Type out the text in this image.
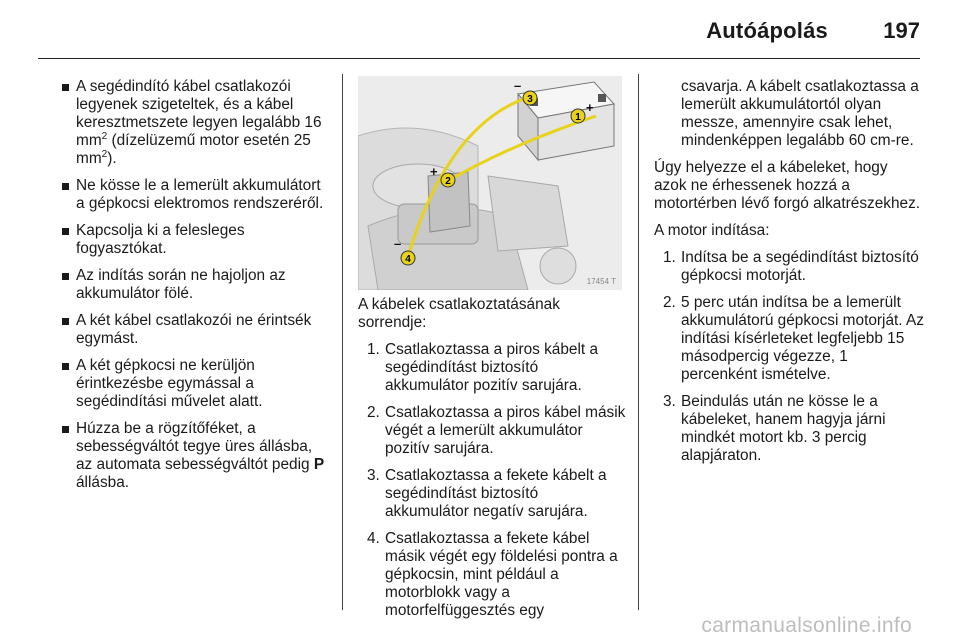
Autóápolás	197
A segédindító kábel csatlakozói legyenek szigeteltek, és a kábel keresztmetszete legyen legalább 16 $mm^2$ (dízelüzemű motor esetén 25 $mm^2$).
Ne kösse le a lemerült akkumulátort a gépkocsi elektromos rendszeréről.
Kapcsolja ki a felesleges fogyasztókat.
Az indítás során ne hajoljon az akkumulátor fölé.
A két kábel csatlakozói ne érintsék egymást.
A két gépkocsi ne kerüljön érintkezésbe egymással a segédindítási művelet alatt.
Húzza be a rögzítőféket, a sebességváltót tegye üres állásba, az automata sebességváltót pedig P állásba.
+
–
+
–
1
2
3
4
17454 T

A kábelek csatlakoztatásának sorrendje:

1. Csatlakoztassa a piros kábelt a segédindítást biztosító akkumulátor pozitív sarujára.
2. Csatlakoztassa a piros kábel másik végét a lemerült akkumulátor pozitív sarujára.
3. Csatlakoztassa a fekete kábelt a segédindítást biztosító akkumulátor negatív sarujára.
4. Csatlakoztassa a fekete kábel másik végét egy földelési pontra a gépkocsin, mint például a motorblokk vagy a motorfelfüggesztés egy

csavarja. A kábelt csatlakoztassa a lemerült akkumulátortól olyan messze, amennyire csak lehet, mindenképpen legalább 60 cm-re.

Úgy helyezze el a kábeleket, hogy azok ne érhessenek hozzá a motortérben lévő forgó alkatrészekhez.

A motor indítása:

1. Indítsa be a segédindítást biztosító gépkocsi motorját.
2. 5 perc után indítsa be a lemerült akkumulátorú gépkocsi motorját. Az indítási kísérleteket legfeljebb 15 másodpercig végezze, 1 percenként ismételve.
3. Beindulás után ne kösse le a kábeleket, hanem hagyja járni mindkét motort kb. 3 percig alapjáraton.
carmanualsonline.info
